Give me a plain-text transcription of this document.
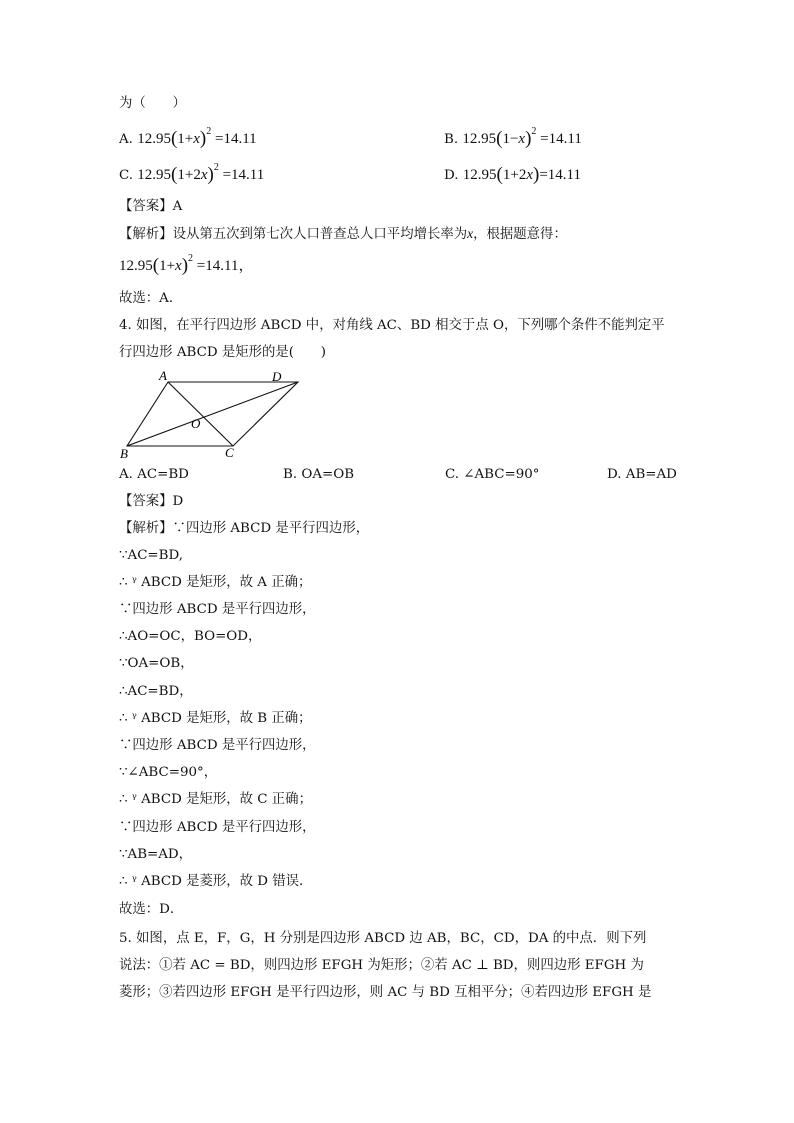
为（　　）
A. $12.95(1+x)^2 =14.11$	B. $12.95(1-x)^2 =14.11$
C. $12.95(1+2x)^2 =14.11$	D. 12.95(1+2x)=14.11
【答案】A
【解析】设从第五次到第七次人口普查总人口平均增长率为x，根据题意得：
$12.95(1+x)^2 =14.11$，
故选：A．
4. 如图，在平行四边形 ABCD 中，对角线 AC、BD 相交于点 O，下列哪个条件不能判定平
行四边形 ABCD 是矩形的是(　　)
A	D
O
B	C
A. AC=BD	B. OA=OB	C. ∠ABC=90°	D. AB=AD
【答案】D
【解析】∵四边形 ABCD 是平行四边形，
∵AC=BD,
∴ ᵞ ABCD 是矩形，故 A 正确；
∵四边形 ABCD 是平行四边形，
∴AO=OC，BO=OD，
∵OA=OB，
∴AC=BD，
∴ ᵞ ABCD 是矩形，故 B 正确；
∵四边形 ABCD 是平行四边形，
∵∠ABC=90°，
∴ ᵞ ABCD 是矩形，故 C 正确；
∵四边形 ABCD 是平行四边形，
∵AB=AD，
∴ ᵞ ABCD 是菱形，故 D 错误．
故选：D．
5. 如图，点 E，F，G，H 分别是四边形 ABCD 边 AB，BC，CD，DA 的中点．则下列
说法：①若 AC = BD，则四边形 EFGH 为矩形；②若 AC ⊥ BD，则四边形 EFGH 为
菱形；③若四边形 EFGH 是平行四边形，则 AC 与 BD 互相平分；④若四边形 EFGH 是
